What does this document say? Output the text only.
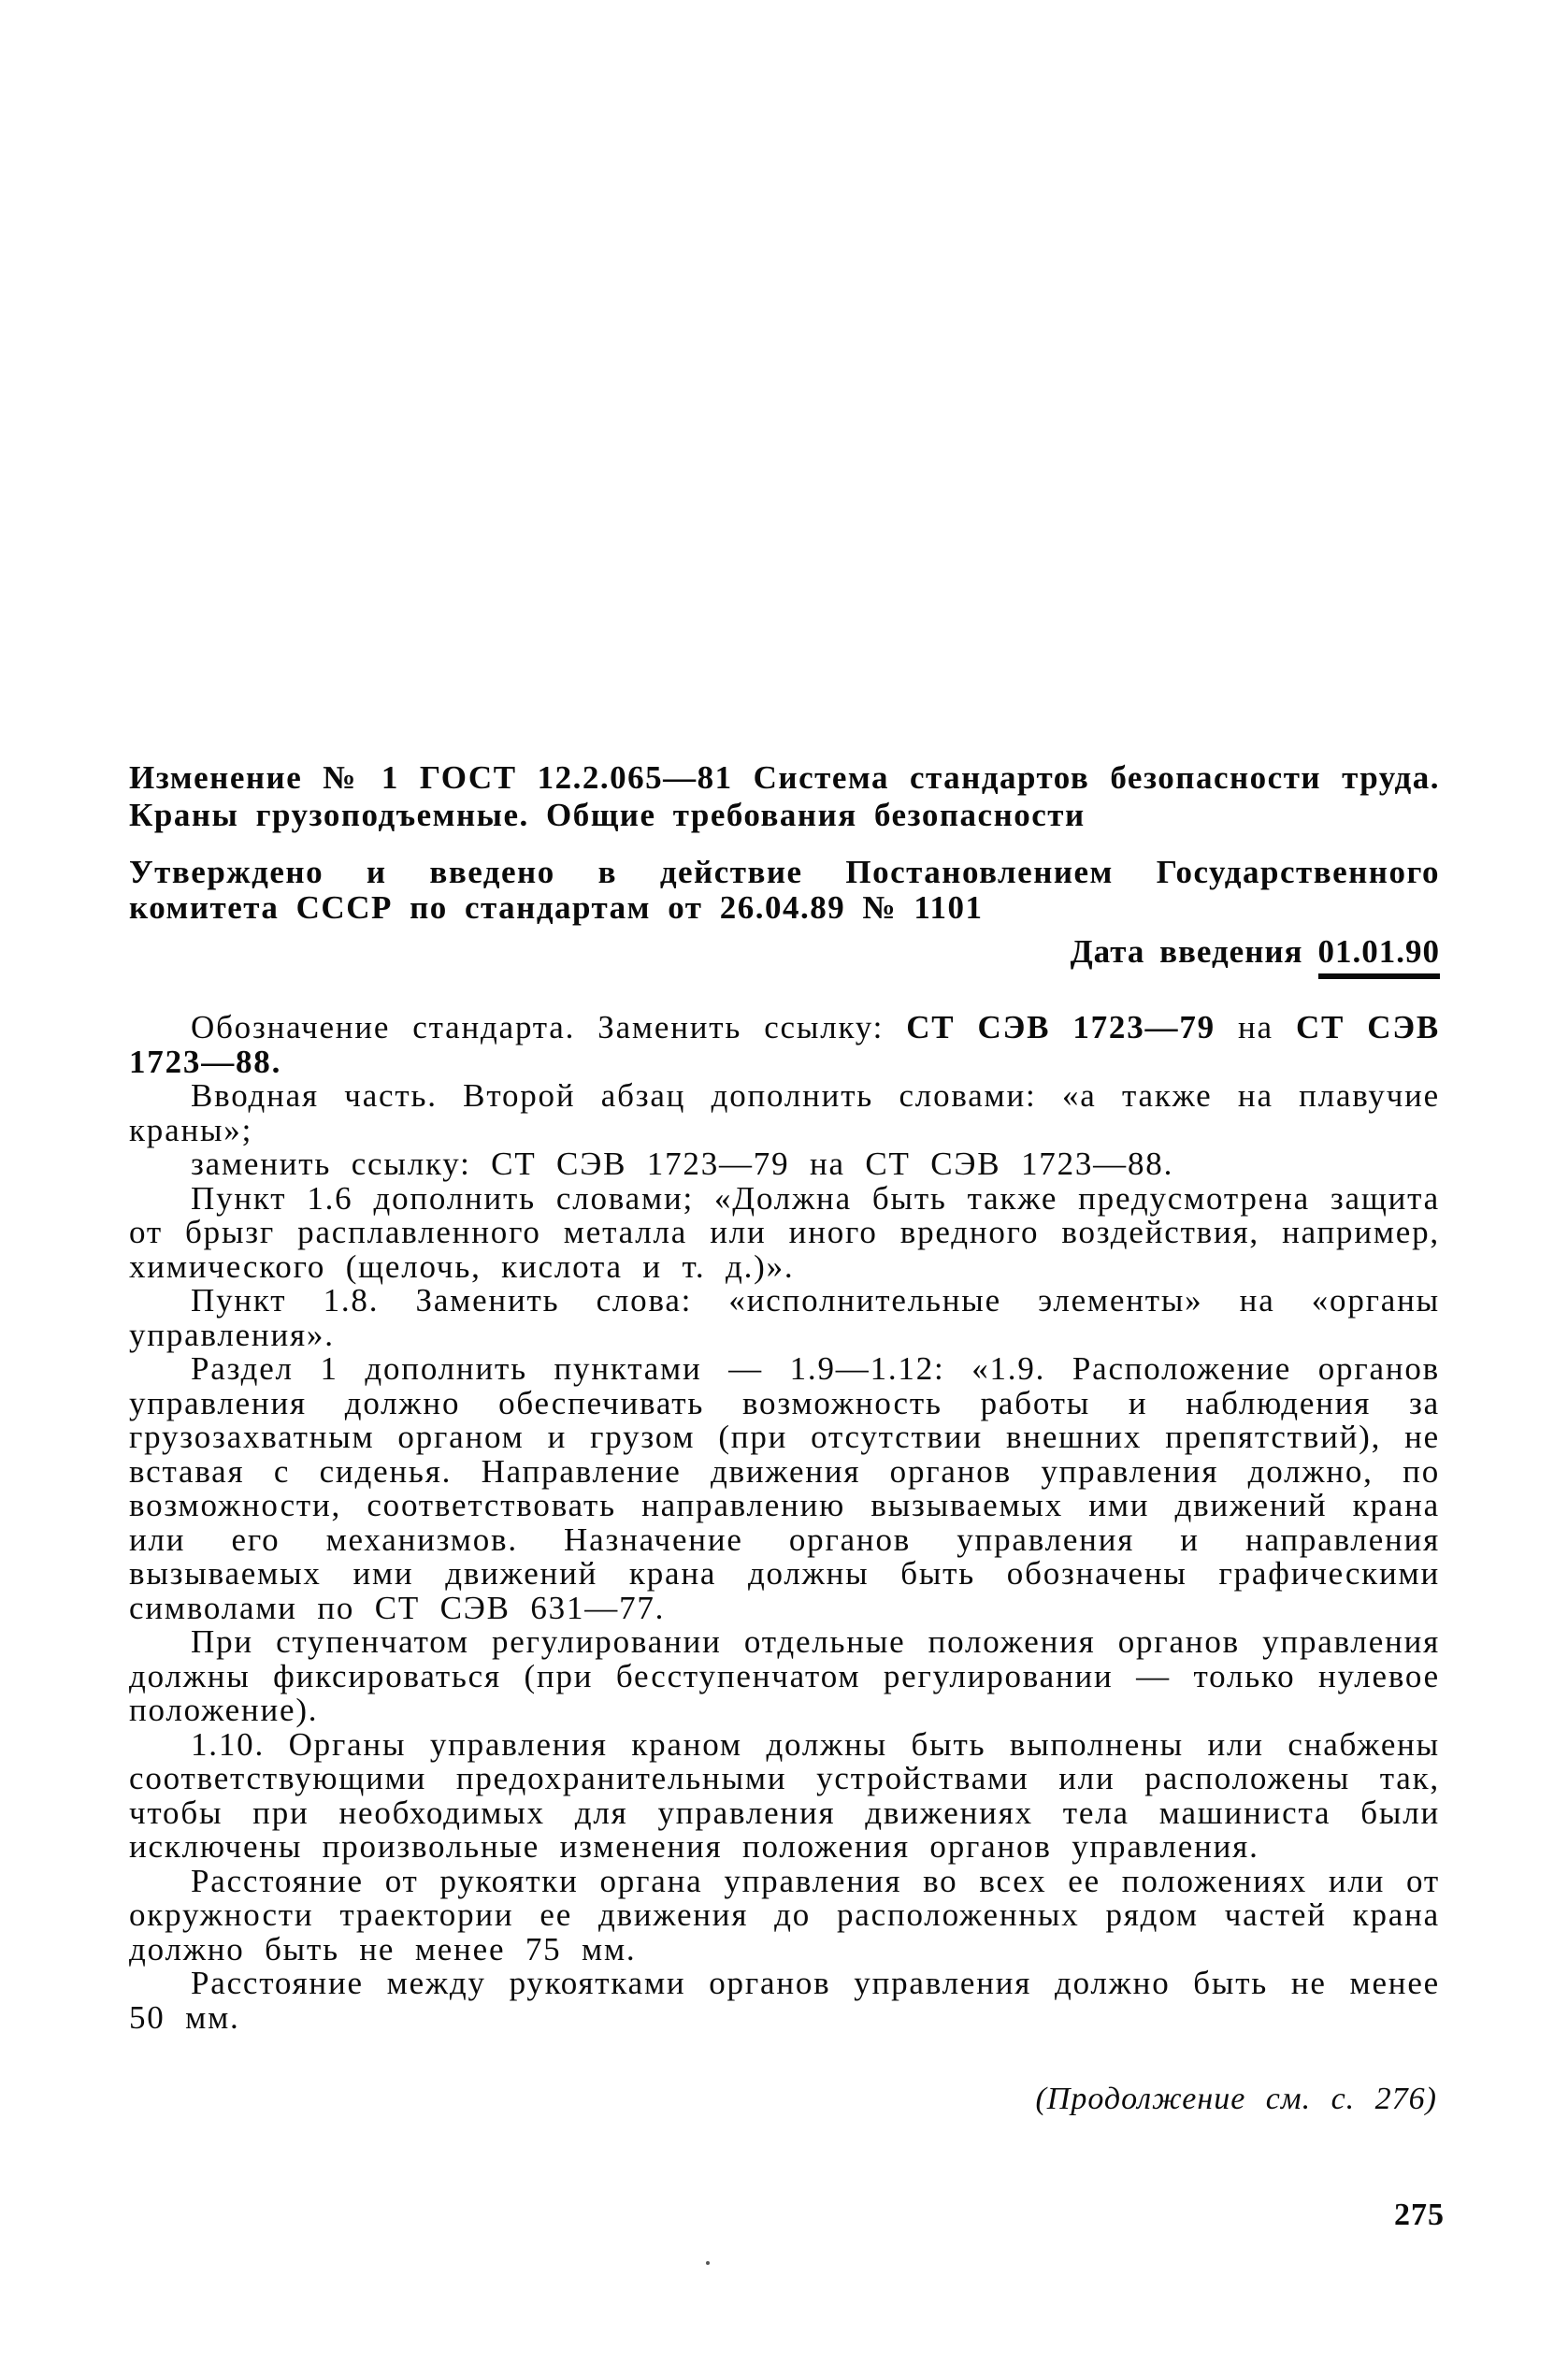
Изменение № 1 ГОСТ 12.2.065—81 Система стандартов безопасности труда. Краны грузоподъемные. Общие требования безопасности

Утверждено и введено в действие Постановлением Государственного комитета СССР по стандартам от 26.04.89 № 1101

Дата введения 01.01.90

Обозначение стандарта. Заменить ссылку: СТ СЭВ 1723—79 на СТ СЭВ 1723—88.

Вводная часть. Второй абзац дополнить словами: «а также на плавучие краны»;

заменить ссылку: СТ СЭВ 1723—79 на СТ СЭВ 1723—88.

Пункт 1.6 дополнить словами; «Должна быть также предусмотрена защита от брызг расплавленного металла или иного вредного воздействия, например, химического (щелочь, кислота и т. д.)».

Пункт 1.8. Заменить слова: «исполнительные элементы» на «органы управления».

Раздел 1 дополнить пунктами — 1.9—1.12: «1.9. Расположение органов управления должно обеспечивать возможность работы и наблюдения за грузозахватным органом и грузом (при отсутствии внешних препятствий), не вставая с сиденья. Направление движения органов управления должно, по возможности, соответствовать направлению вызываемых ими движений крана или его механизмов. Назначение органов управления и направления вызываемых ими движений крана должны быть обозначены графическими символами по СТ СЭВ 631—77.

При ступенчатом регулировании отдельные положения органов управления должны фиксироваться (при бесступенчатом регулировании — только нулевое положение).

1.10. Органы управления краном должны быть выполнены или снабжены соответствующими предохранительными устройствами или расположены так, чтобы при необходимых для управления движениях тела машиниста были исключены произвольные изменения положения органов управления.

Расстояние от рукоятки органа управления во всех ее положениях или от окружности траектории ее движения до расположенных рядом частей крана должно быть не менее 75 мм.

Расстояние между рукоятками органов управления должно быть не менее 50 мм.

(Продолжение см. с. 276)

275
